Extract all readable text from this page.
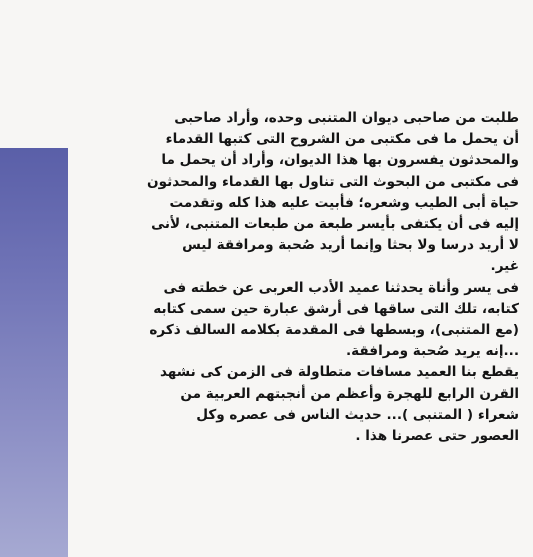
طلبت من صاحبى ديوان المتنبى وحده، وأراد صاحبى
أن يحمل ما فى مكتبى من الشروح التى كتبها القدماء
والمحدثون يفسرون بها هذا الديوان، وأراد أن يحمل ما
فى مكتبى من البحوث التى تناول بها القدماء والمحدثون
حياة أبى الطيب وشعره؛ فأبيت عليه هذا كله وتقدمت
إليه فى أن يكتفى بأيسر طبعة من طبعات المتنبى، لأنى
لا أريد درسا ولا بحثا وإنما أريد صُحبة ومرافقة ليس
غير.
فى يسر وأناة يحدثنا عميد الأدب العربى عن خطته فى
كتابه، تلك التى ساقها فى أرشق عبارة حين سمى كتابه
(مع المتنبى)، وبسطها فى المقدمة بكلامه السالف ذكره
...إنه يريد صُحبة ومرافقة.
يقطع بنا العميد مسافات متطاولة فى الزمن كى نشهد
القرن الرابع للهجرة وأعظم من أنجبتهم العربية من
شعراء ( المتنبى )... حديث الناس فى عصره وكل
العصور حتى عصرنا هذا .
